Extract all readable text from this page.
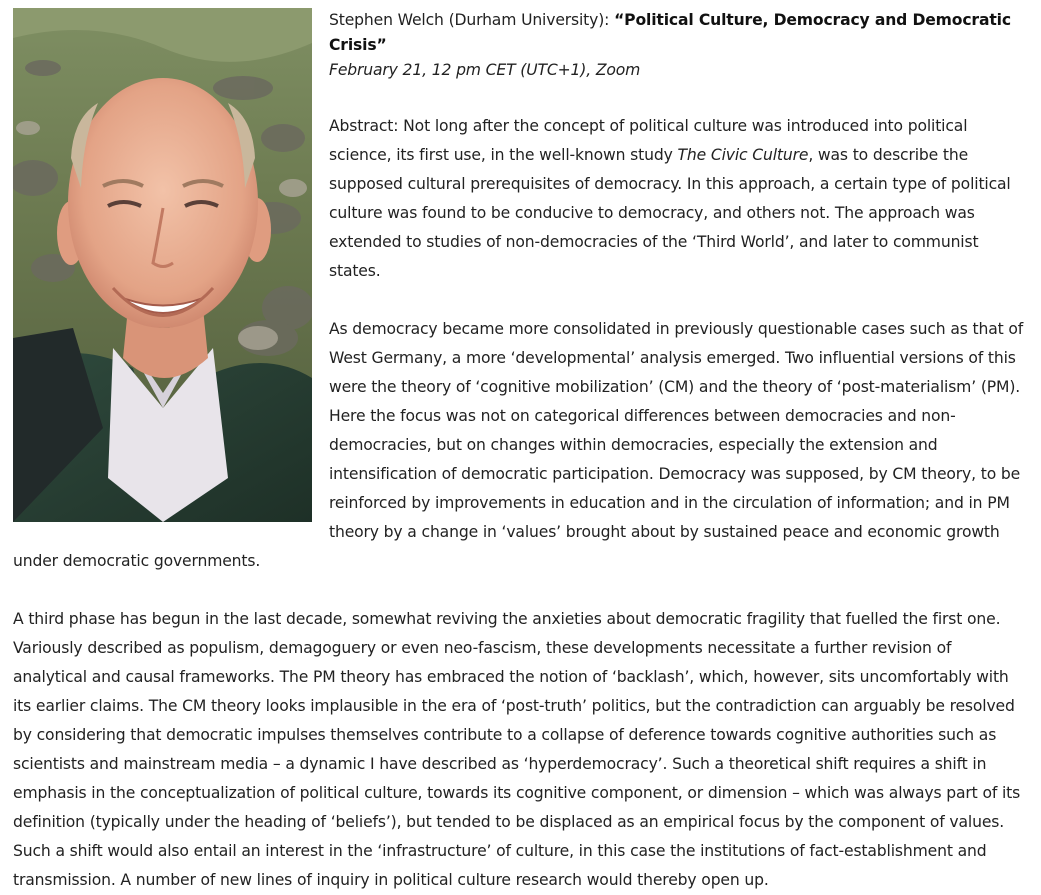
Stephen Welch (Durham University): “Political Culture, Democracy and Democratic Crisis”

February 21, 12 pm CET (UTC+1), Zoom

Abstract: Not long after the concept of political culture was introduced into political science, its first use, in the well-known study The Civic Culture, was to describe the supposed cultural prerequisites of democracy. In this approach, a certain type of political culture was found to be conducive to democracy, and others not. The approach was extended to studies of non-democracies of the ‘Third World’, and later to communist states.

As democracy became more consolidated in previously questionable cases such as that of West Germany, a more ‘developmental’ analysis emerged. Two influential versions of this were the theory of ‘cognitive mobilization’ (CM) and the theory of ‘post-materialism’ (PM). Here the focus was not on categorical differences between democracies and non-democracies, but on changes within democracies, especially the extension and intensification of democratic participation. Democracy was supposed, by CM theory, to be reinforced by improvements in education and in the circulation of information; and in PM theory by a change in ‘values’ brought about by sustained peace and economic growth under democratic governments.

A third phase has begun in the last decade, somewhat reviving the anxieties about democratic fragility that fuelled the first one. Variously described as populism, demagoguery or even neo-fascism, these developments necessitate a further revision of analytical and causal frameworks. The PM theory has embraced the notion of ‘backlash’, which, however, sits uncomfortably with its earlier claims. The CM theory looks implausible in the era of ‘post-truth’ politics, but the contradiction can arguably be resolved by considering that democratic impulses themselves contribute to a collapse of deference towards cognitive authorities such as scientists and mainstream media – a dynamic I have described as ‘hyperdemocracy’. Such a theoretical shift requires a shift in emphasis in the conceptualization of political culture, towards its cognitive component, or dimension – which was always part of its definition (typically under the heading of ‘beliefs’), but tended to be displaced as an empirical focus by the component of values. Such a shift would also entail an interest in the ‘infrastructure’ of culture, in this case the institutions of fact-establishment and transmission. A number of new lines of inquiry in political culture research would thereby open up.
